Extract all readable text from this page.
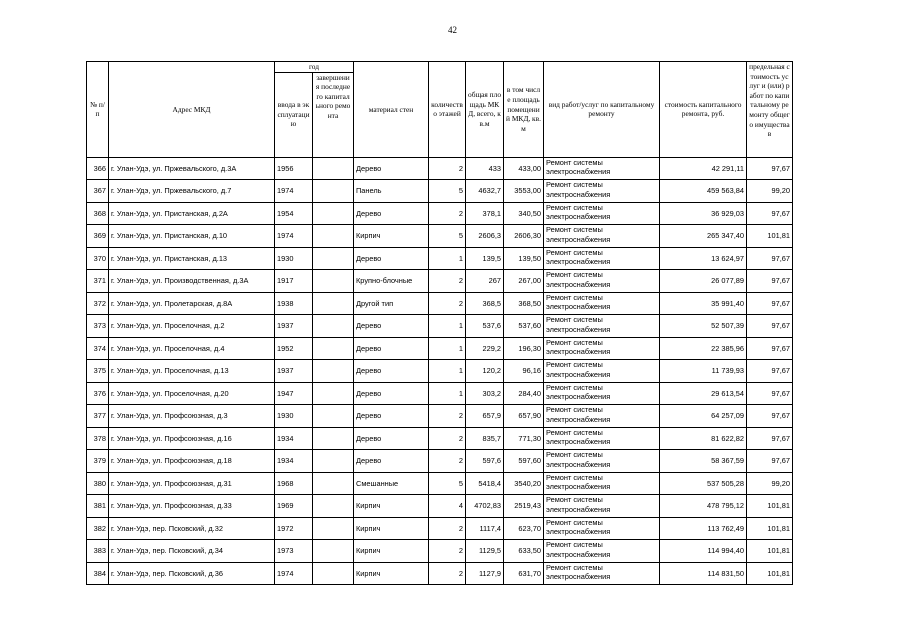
42
№ п/п	Адрес МКД	год		материал стен	количество этажей	общая площадь МКД, всего, кв.м	в том числе площадь помещений МКД, кв.м	вид работ/услуг по капитальному ремонту	стоимость капитального ремонта, руб.	предельная стоимость услуг и (или) работ по капитальному ремонту общего имущества в
		ввода в эксплуатацию	завершения последнего капитального ремонта							
366	г. Улан-Удэ, ул. Пржевальского, д.3А	1956		Дерево	2	433	433,00	Ремонт системы электроснабжения	42 291,11	97,67
367	г. Улан-Удэ, ул. Пржевальского, д.7	1974		Панель	5	4632,7	3553,00	Ремонт системы электроснабжения	459 563,84	99,20
368	г. Улан-Удэ, ул. Пристанская, д.2А	1954		Дерево	2	378,1	340,50	Ремонт системы электроснабжения	36 929,03	97,67
369	г. Улан-Удэ, ул. Пристанская, д.10	1974		Кирпич	5	2606,3	2606,30	Ремонт системы электроснабжения	265 347,40	101,81
370	г. Улан-Удэ, ул. Пристанская, д.13	1930		Дерево	1	139,5	139,50	Ремонт системы электроснабжения	13 624,97	97,67
371	г. Улан-Удэ, ул. Производственная, д.3А	1917		Крупно-блочные	2	267	267,00	Ремонт системы электроснабжения	26 077,89	97,67
372	г. Улан-Удэ, ул. Пролетарская, д.8А	1938		Другой тип	2	368,5	368,50	Ремонт системы электроснабжения	35 991,40	97,67
373	г. Улан-Удэ, ул. Проселочная, д.2	1937		Дерево	1	537,6	537,60	Ремонт системы электроснабжения	52 507,39	97,67
374	г. Улан-Удэ, ул. Проселочная, д.4	1952		Дерево	1	229,2	196,30	Ремонт системы электроснабжения	22 385,96	97,67
375	г. Улан-Удэ, ул. Проселочная, д.13	1937		Дерево	1	120,2	96,16	Ремонт системы электроснабжения	11 739,93	97,67
376	г. Улан-Удэ, ул. Проселочная, д.20	1947		Дерево	1	303,2	284,40	Ремонт системы электроснабжения	29 613,54	97,67
377	г. Улан-Удэ, ул. Профсоюзная, д.3	1930		Дерево	2	657,9	657,90	Ремонт системы электроснабжения	64 257,09	97,67
378	г. Улан-Удэ, ул. Профсоюзная, д.16	1934		Дерево	2	835,7	771,30	Ремонт системы электроснабжения	81 622,82	97,67
379	г. Улан-Удэ, ул. Профсоюзная, д.18	1934		Дерево	2	597,6	597,60	Ремонт системы электроснабжения	58 367,59	97,67
380	г. Улан-Удэ, ул. Профсоюзная, д.31	1968		Смешанные	5	5418,4	3540,20	Ремонт системы электроснабжения	537 505,28	99,20
381	г. Улан-Удэ, ул. Профсоюзная, д.33	1969		Кирпич	4	4702,83	2519,43	Ремонт системы электроснабжения	478 795,12	101,81
382	г. Улан-Удэ, пер. Псковский, д.32	1972		Кирпич	2	1117,4	623,70	Ремонт системы электроснабжения	113 762,49	101,81
383	г. Улан-Удэ, пер. Псковский, д.34	1973		Кирпич	2	1129,5	633,50	Ремонт системы электроснабжения	114 994,40	101,81
384	г. Улан-Удэ, пер. Псковский, д.36	1974		Кирпич	2	1127,9	631,70	Ремонт системы электроснабжения	114 831,50	101,81
